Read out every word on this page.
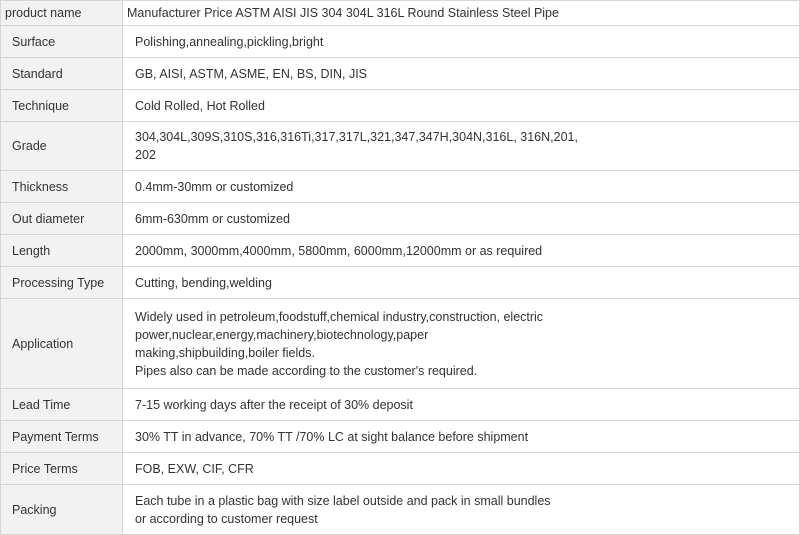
product name	Manufacturer Price ASTM AISI JIS 304 304L 316L Round Stainless Steel Pipe

Surface	Polishing,annealing,pickling,bright

Standard	GB, AISI, ASTM, ASME, EN, BS, DIN, JIS

Technique	Cold Rolled, Hot Rolled

Grade	304,304L,309S,310S,316,316Ti,317,317L,321,347,347H,304N,316L, 316N,201,
202

Thickness	0.4mm-30mm or customized

Out diameter	6mm-630mm or customized

Length	2000mm, 3000mm,4000mm, 5800mm, 6000mm,12000mm or as required

Processing Type	Cutting, bending,welding

Application	Widely used in petroleum,foodstuff,chemical industry,construction, electric
power,nuclear,energy,machinery,biotechnology,paper
making,shipbuilding,boiler fields.
Pipes also can be made according to the customer's required.

Lead Time	7-15 working days after the receipt of 30% deposit

Payment Terms	30% TT in advance, 70% TT /70% LC at sight balance before shipment

Price Terms	FOB, EXW, CIF, CFR

Packing	Each tube in a plastic bag with size label outside and pack in small bundles
or according to customer request
